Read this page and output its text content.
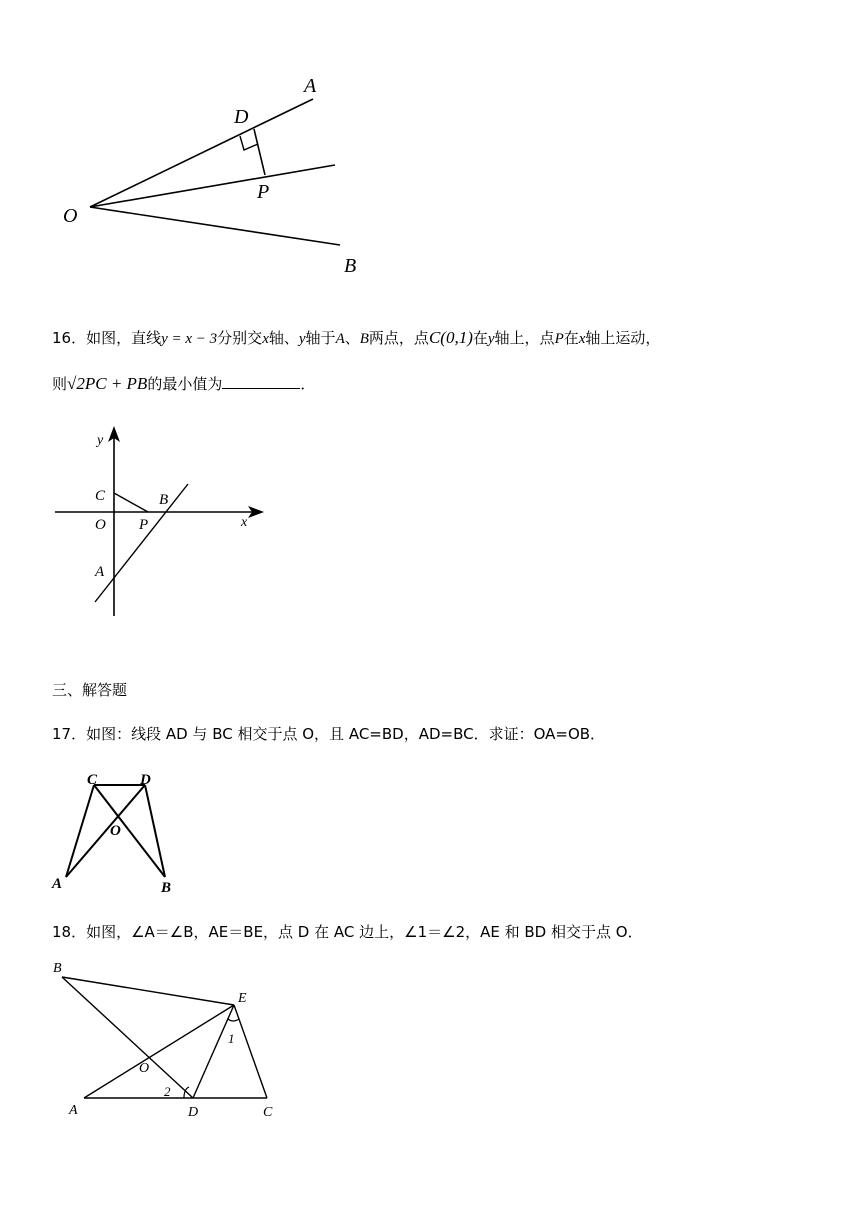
A
D
P
O
B
16．如图，直线y = x − 3分别交x轴、y轴于A、B两点，点C(0,1)在y轴上，点P在x轴上运动，
则√2PC + PB的最小值为	．
y
x
C	B
O P
A
三、解答题
17．如图：线段 AD 与 BC 相交于点 O，且 AC=BD，AD=BC．求证：OA=OB．
C	D
O
A	B
18．如图，∠A＝∠B，AE＝BE，点 D 在 AC 边上，∠1＝∠2，AE 和 BD 相交于点 O．
B
E
1
O
2
A	D	C
